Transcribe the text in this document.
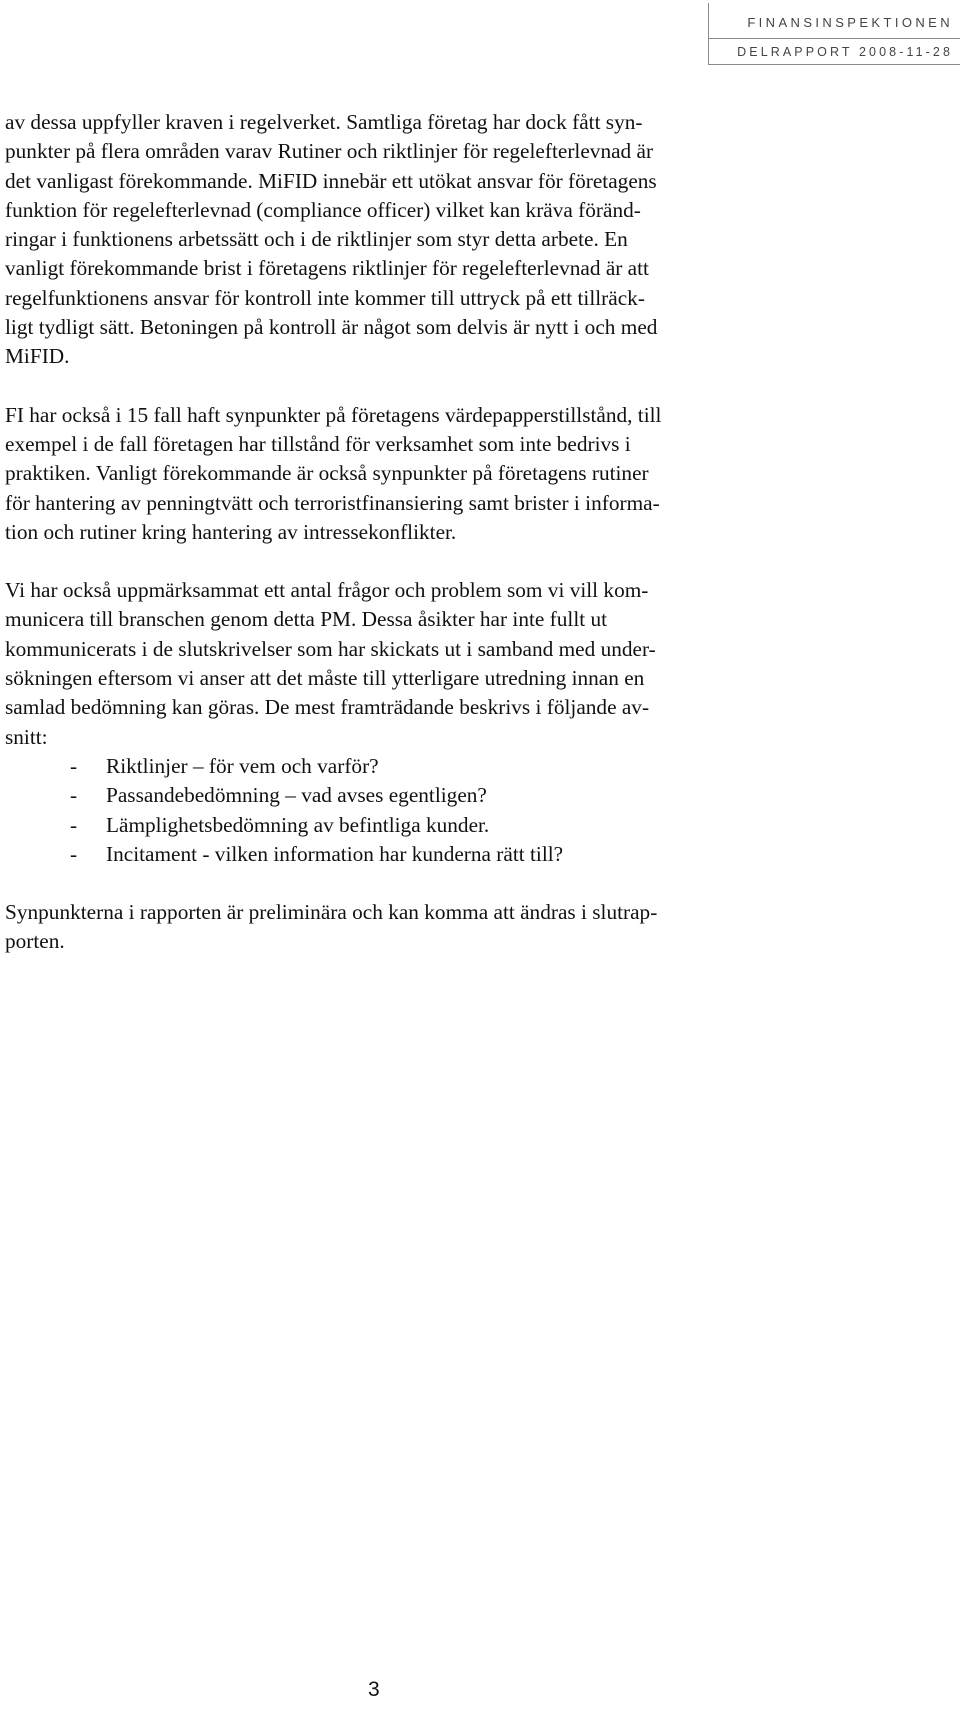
FINANSINSPEKTIONEN
DELRAPPORT 2008-11-28

av dessa uppfyller kraven i regelverket. Samtliga företag har dock fått syn-
punkter på flera områden varav Rutiner och riktlinjer för regelefterlevnad är
det vanligast förekommande. MiFID innebär ett utökat ansvar för företagens
funktion för regelefterlevnad (compliance officer) vilket kan kräva föränd-
ringar i funktionens arbetssätt och i de riktlinjer som styr detta arbete. En
vanligt förekommande brist i företagens riktlinjer för regelefterlevnad är att
regelfunktionens ansvar för kontroll inte kommer till uttryck på ett tillräck-
ligt tydligt sätt. Betoningen på kontroll är något som delvis är nytt i och med
MiFID.

FI har också i 15 fall haft synpunkter på företagens värdepapperstillstånd, till
exempel i de fall företagen har tillstånd för verksamhet som inte bedrivs i
praktiken. Vanligt förekommande är också synpunkter på företagens rutiner
för hantering av penningtvätt och terroristfinansiering samt brister i informa-
tion och rutiner kring hantering av intressekonflikter.

Vi har också uppmärksammat ett antal frågor och problem som vi vill kom-
municera till branschen genom detta PM. Dessa åsikter har inte fullt ut
kommunicerats i de slutskrivelser som har skickats ut i samband med under-
sökningen eftersom vi anser att det måste till ytterligare utredning innan en
samlad bedömning kan göras. De mest framträdande beskrivs i följande av-
snitt:

-	Riktlinjer – för vem och varför?
-	Passandebedömning – vad avses egentligen?
-	Lämplighetsbedömning av befintliga kunder.
-	Incitament - vilken information har kunderna rätt till?

Synpunkterna i rapporten är preliminära och kan komma att ändras i slutrap-
porten.

3
